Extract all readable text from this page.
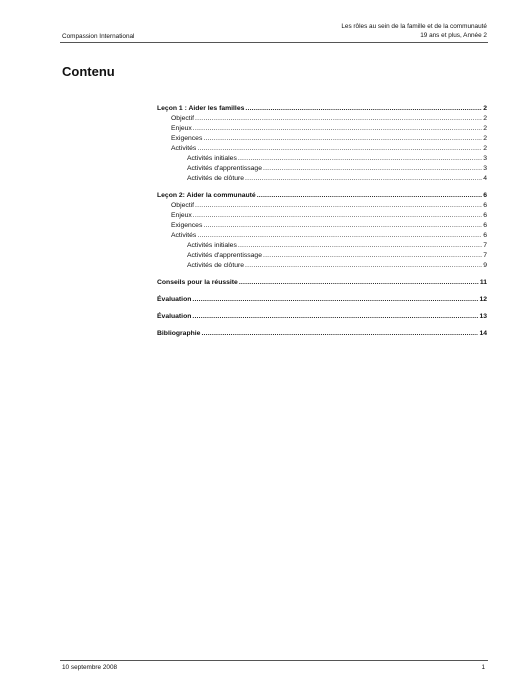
Compassion International
Les rôles au sein de la famille et de la communauté
19 ans et plus, Année 2
Contenu
Leçon 1 : Aider les familles .....	2
Objectif .....	2
Enjeux .....	2
Exigences .....	2
Activités .....	2
Activités initiales .....	3
Activités d'apprentissage .....	3
Activités de clôture .....	4
Leçon 2: Aider la communauté .....	6
Objectif .....	6
Enjeux .....	6
Exigences .....	6
Activités .....	6
Activités initiales .....	7
Activités d'apprentissage .....	7
Activités de clôture .....	9
Conseils pour la réussite .....	11
Évaluation .....	12
Évaluation .....	13
Bibliographie .....	14
10 septembre 2008	1
